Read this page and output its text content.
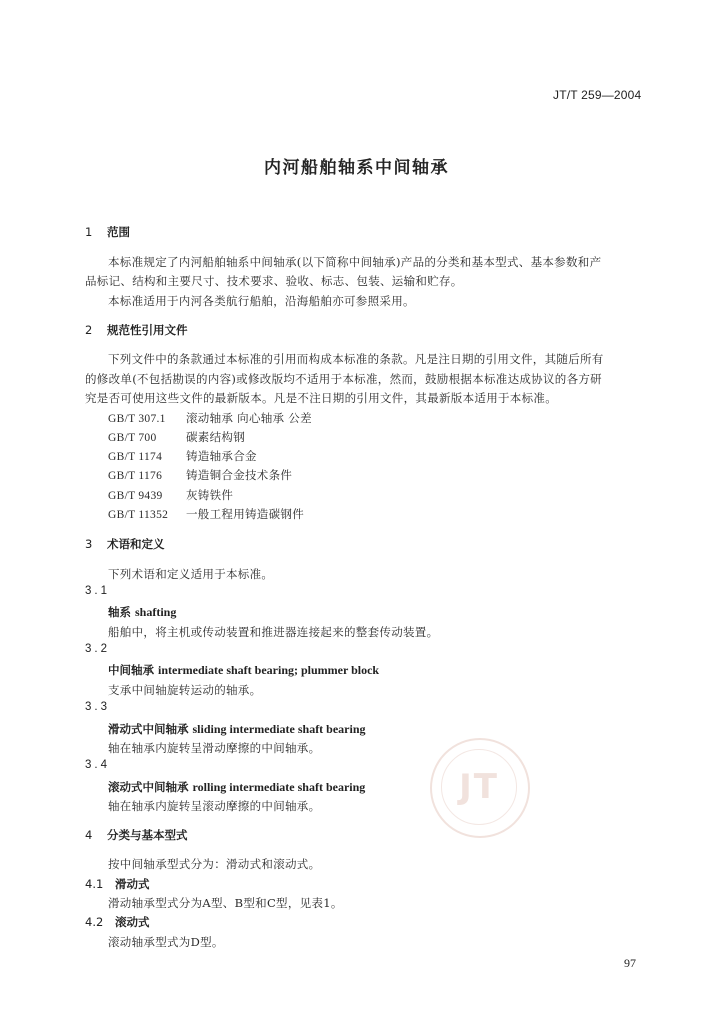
JT/T 259—2004
内河船舶轴系中间轴承
1 范围
本标准规定了内河船舶轴系中间轴承(以下简称中间轴承)产品的分类和基本型式、基本参数和产
品标记、结构和主要尺寸、技术要求、验收、标志、包装、运输和贮存。
本标准适用于内河各类航行船舶，沿海船舶亦可参照采用。
2 规范性引用文件
下列文件中的条款通过本标准的引用而构成本标准的条款。凡是注日期的引用文件，其随后所有
的修改单(不包括勘误的内容)或修改版均不适用于本标准，然而，鼓励根据本标准达成协议的各方研
究是否可使用这些文件的最新版本。凡是不注日期的引用文件，其最新版本适用于本标准。
GB/T 307.1 滚动轴承 向心轴承 公差
GB/T 700	碳素结构钢
GB/T 1174 铸造轴承合金
GB/T 1176 铸造铜合金技术条件
GB/T 9439 灰铸铁件
GB/T 11352 一般工程用铸造碳钢件
3 术语和定义
下列术语和定义适用于本标准。
3.1
轴系 shafting
船舶中，将主机或传动装置和推进器连接起来的整套传动装置。
3.2
中间轴承 intermediate shaft bearing; plummer block
支承中间轴旋转运动的轴承。
3.3
滑动式中间轴承 sliding intermediate shaft bearing
轴在轴承内旋转呈滑动摩擦的中间轴承。
3.4
滚动式中间轴承 rolling intermediate shaft bearing
轴在轴承内旋转呈滚动摩擦的中间轴承。	JT
4 分类与基本型式
按中间轴承型式分为：滑动式和滚动式。
4.1 滑动式
滑动轴承型式分为A型、B型和C型，见表1。
4.2 滚动式
滚动轴承型式为D型。
97
